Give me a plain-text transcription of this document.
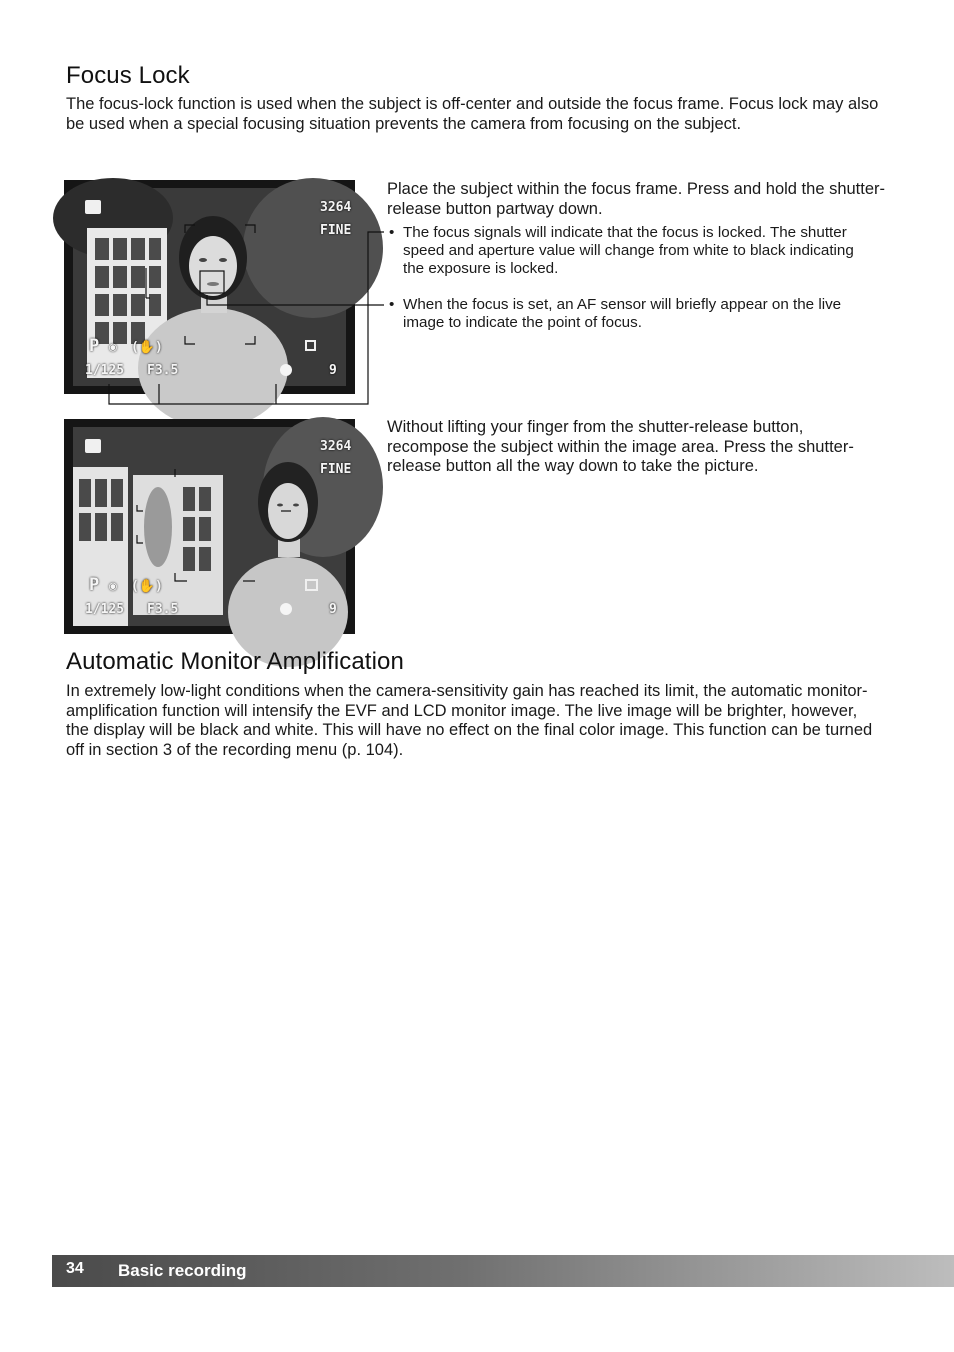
Focus Lock

The focus-lock function is used when the subject is off-center and outside the focus frame. Focus lock may also be used when a special focusing situation prevents the camera from focusing on the subject.

3264
FINE
P ◉ (✋)
1/125 F3.5	9

Place the subject within the focus frame. Press and hold the shutter-release button partway down.

• The focus signals will indicate that the focus is locked. The shutter speed and aperture value will change from white to black indicating the exposure is locked.

• When the focus is set, an AF sensor will briefly appear on the live image to indicate the point of focus.

3264
FINE
P ◉ (✋)
1/125 F3.5	9

Without lifting your finger from the shutter-release button, recompose the subject within the image area. Press the shutter-release button all the way down to take the picture.

Automatic Monitor Amplification

In extremely low-light conditions when the camera-sensitivity gain has reached its limit, the automatic monitor-amplification function will intensify the EVF and LCD monitor image. The live image will be brighter, however, the display will be black and white. This will have no effect on the final color image. This function can be turned off in section 3 of the recording menu (p. 104).

34 Basic recording
